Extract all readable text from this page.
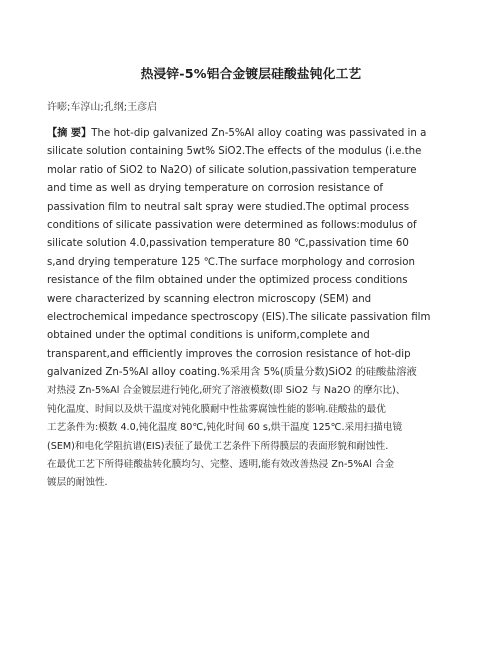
热浸锌-5%铝合金镀层硅酸盐钝化工艺
许嘭;车淳山;孔纲;王彦启
【摘 要】The hot-dip galvanized Zn-5%Al alloy coating was passivated in a
silicate solution containing 5wt% SiO2.The effects of the modulus (i.e.the
molar ratio of SiO2 to Na2O) of silicate solution,passivation temperature
and time as well as drying temperature on corrosion resistance of
passivation film to neutral salt spray were studied.The optimal process
conditions of silicate passivation were determined as follows:modulus of
silicate solution 4.0,passivation temperature 80 ℃,passivation time 60
s,and drying temperature 125 ℃.The surface morphology and corrosion
resistance of the film obtained under the optimized process conditions
were characterized by scanning electron microscopy (SEM) and
electrochemical impedance spectroscopy (EIS).The silicate passivation film
obtained under the optimal conditions is uniform,complete and
transparent,and efficiently improves the corrosion resistance of hot-dip
galvanized Zn-5%Al alloy coating.%采用含 5%(质量分数)SiO2 的硅酸盐溶液
对热浸 Zn-5%Al 合金镀层进行钝化,研究了溶液模数(即 SiO2 与 Na2O 的摩尔比)、
钝化温度、时间以及烘干温度对钝化膜耐中性盐雾腐蚀性能的影响.硅酸盐的最优
工艺条件为:模数 4.0,钝化温度 80℃,钝化时间 60 s,烘干温度 125℃.采用扫描电镜
(SEM)和电化学阻抗谱(EIS)表征了最优工艺条件下所得膜层的表面形貌和耐蚀性.
在最优工艺下所得硅酸盐转化膜均匀、完整、透明,能有效改善热浸 Zn-5%Al 合金
镀层的耐蚀性.
